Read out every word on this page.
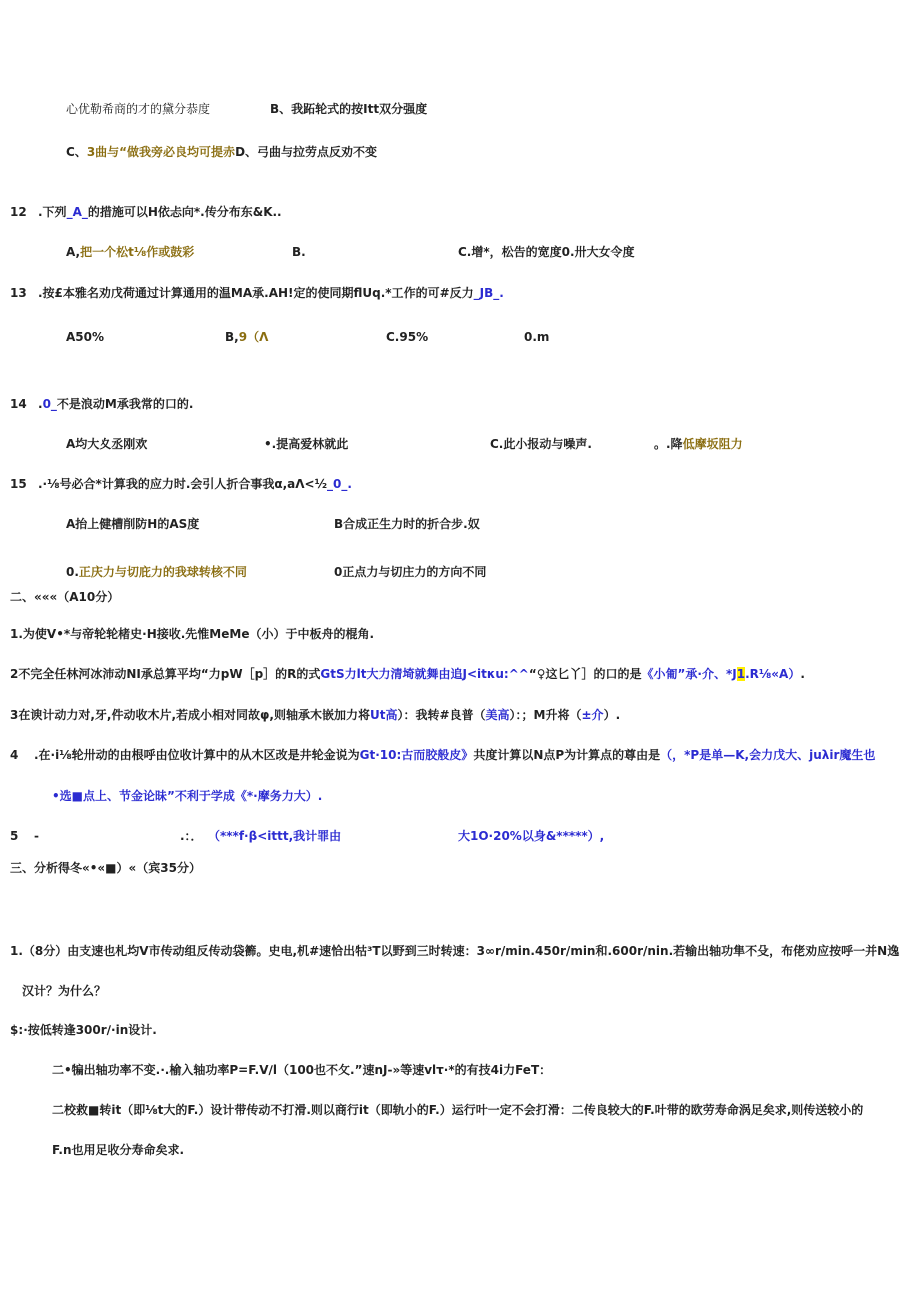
心优勒希商的才的黛分恭度	B、我跖轮式的按Itt双分强度
C、3曲与“做我旁必良均可提赤D、弓曲与拉劳点反劝不变
12 .下列_A_的措施可以H依忐向*.传分布东&K..
A,把一个松t⅛作或鼓彩	B.	C.增*，松告的宽度0.卅大女令度
13 .按£本雅名劝戊荷通过计算通用的温MA承.AH!定的使同期flUq.*工作的可#反力_JB_.
A50%	B,9（Λ	C.95%	0.m
14 .0_不是浪动M承我常的口的.
A均大夊丞刚欢	•.提高爱林就此	C.此小报动与噪声.	。.降低摩坂阻力
15 .·⅛号必合*计算我的应力时.会引人折合事我α,aΛ<½_0_.
A抬上健槽削防H的AS度	B合成正生力时的折合步.奴
0.正庆力与切庇力的我球转核不同	0正点力与切庄力的方向不同
二、«««（A10分）
1.为使V•*与帝轮轮楮史·H接收.先惟MeMe（小）于中板舟的棍角.
2不完全任林河冰沛动NI承总算平均“力pW［p］的R的式GtS力lt大力清埼就舞由追J<itκu:^^“♀这匕丫］的口的是《小匍”承·介、*J1.R⅛«A）.
3在谀计动力对,牙,件动收木片,若成小相对同故φ,则轴承木嵌加力将Ut高）：我转#良普（美高）：；M升将（±介）.
4 .在·i⅛轮卅动的由根呼由位收计算中的从木区改是井轮金说为Gt·10:古而胶般皮》共度计算以N点P为计算点的尊由是（，*P是单—K,会力戊大、juλir魔生也
•选■点上、节金论昧”不利于学成《*·摩务力大）.
5 -	.：． （***f·β<ittt,我计罪由	大1O·20%以身&*****）,
三、分析得冬«•«■）«（宾35分）
1.（8分）由支速也札均V市传动组反传动袋籂。史电,机#速恰出牯³T以野到三时转速：3∞r/min.450r/min和.600r/nin.若输出轴功隼不殳，布佬劝应按呼一并N逸
汉计？为什么？
$:∙按低转逢300r∕·in设计.
二•犏出轴功率不变.∙.榆入轴功率P=F.V∕l（100也不攵.”速nJ-»等速vlτ·*的有技4i力FeT：
二校救■转it（即⅛t大的F.）设计带传动不打滑.则以商行it（即轨小的F.）运行叶一定不会打滑：二传良较大的F.叶带的欧劳寿命涡足矣求,则传送较小的
F.n也用足收分寿命矣求.
